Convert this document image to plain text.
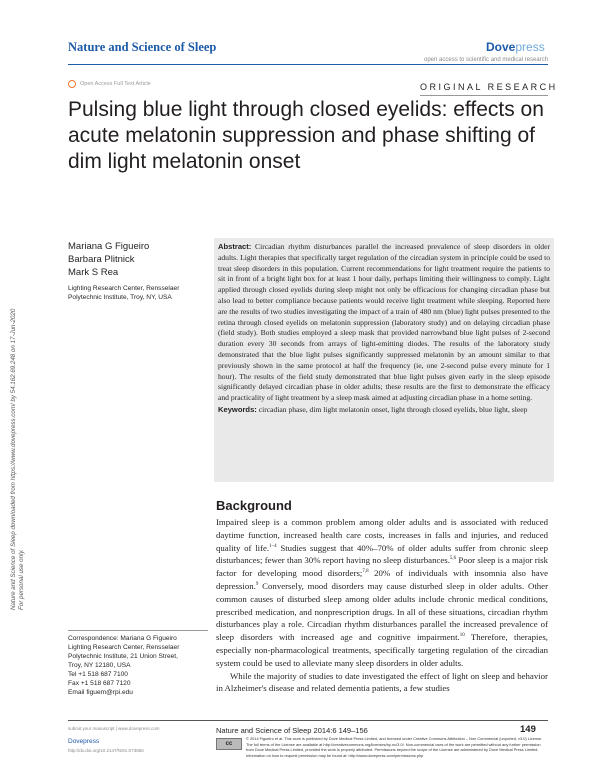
Nature and Science of Sleep	Dovepress
open access to scientific and medical research
Open Access Full Text Article	ORIGINAL RESEARCH
Pulsing blue light through closed eyelids: effects on acute melatonin suppression and phase shifting of dim light melatonin onset
Nature and Science of Sleep downloaded from https://www.dovepress.com/ by 54.162.69.248 on 17-Jun-2020
For personal use only.
Mariana G Figueiro
Barbara Plitnick
Mark S Rea
Lighting Research Center, Rensselaer Polytechnic Institute, Troy, NY, USA
Abstract: Circadian rhythm disturbances parallel the increased prevalence of sleep disorders in older adults. Light therapies that specifically target regulation of the circadian system in principle could be used to treat sleep disorders in this population. Current recommendations for light treatment require the patients to sit in front of a bright light box for at least 1 hour daily, perhaps limiting their willingness to comply. Light applied through closed eyelids during sleep might not only be efficacious for changing circadian phase but also lead to better compliance because patients would receive light treatment while sleeping. Reported here are the results of two studies investigating the impact of a train of 480 nm (blue) light pulses presented to the retina through closed eyelids on melatonin suppression (laboratory study) and on delaying circadian phase (field study). Both studies employed a sleep mask that provided narrowband blue light pulses of 2-second duration every 30 seconds from arrays of light-emitting diodes. The results of the laboratory study demonstrated that the blue light pulses significantly suppressed melatonin by an amount similar to that previously shown in the same protocol at half the frequency (ie, one 2-second pulse every minute for 1 hour). The results of the field study demonstrated that blue light pulses given early in the sleep episode significantly delayed circadian phase in older adults; these results are the first to demonstrate the efficacy and practicality of light treatment by a sleep mask aimed at adjusting circadian phase in a home setting.
Keywords: circadian phase, dim light melatonin onset, light through closed eyelids, blue light, sleep
Background

Impaired sleep is a common problem among older adults and is associated with reduced daytime function, increased health care costs, increases in falls and injuries, and reduced quality of life.$^{1-4}$ Studies suggest that 40%–70% of older adults suffer from chronic sleep disturbances; fewer than 30% report having no sleep disturbances.$^{5,6}$ Poor sleep is a major risk factor for developing mood disorders;$^{7,8}$ 20% of individuals with insomnia also have depression.$^9$ Conversely, mood disorders may cause disturbed sleep in older adults. Other common causes of disturbed sleep among older adults include chronic medical conditions, prescribed medication, and nonprescription drugs. In all of these situations, circadian rhythm disturbances play a role. Circadian rhythm disturbances parallel the increased prevalence of sleep disorders with increased age and cognitive impairment.$^{10}$ Therefore, therapies, especially non-pharmacological treatments, specifically targeting regulation of the circadian system could be used to alleviate many sleep disorders in older adults.

While the majority of studies to date investigated the effect of light on sleep and behavior in Alzheimer's disease and related dementia patients, a few studies

Correspondence: Mariana G Figueiro
Lighting Research Center, Rensselaer
Polytechnic Institute, 21 Union Street,
Troy, NY 12180, USA
Tel +1 518 687 7100
Fax +1 518 687 7120
Email figuem@rpi.edu
submit your manuscript | www.dovepress.com
Dovepress
http://dx.doi.org/10.2147/NSS.S73856
Nature and Science of Sleep 2014:6 149–156	149
cc
© 2014 Figueiro et al. This work is published by Dove Medical Press Limited, and licensed under Creative Commons Attribution – Non Commercial (unported, v3.0) License. The full terms of the License are available at http://creativecommons.org/licenses/by-nc/3.0/. Non-commercial uses of the work are permitted without any further permission from Dove Medical Press Limited, provided the work is properly attributed. Permissions beyond the scope of the License are administered by Dove Medical Press Limited. Information on how to request permission may be found at: http://www.dovepress.com/permissions.php
